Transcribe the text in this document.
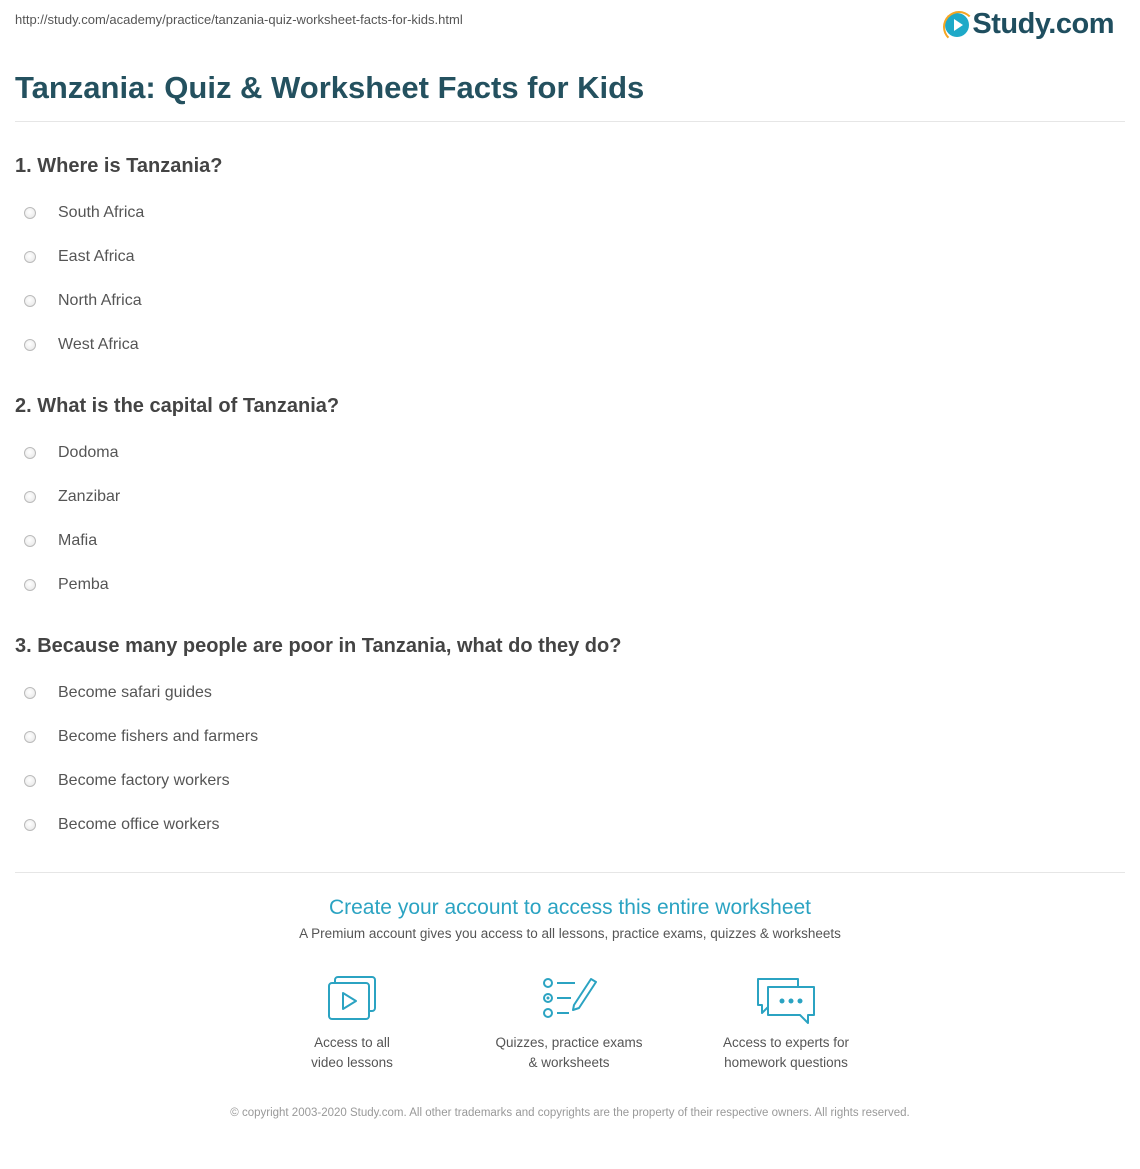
http://study.com/academy/practice/tanzania-quiz-worksheet-facts-for-kids.html	Study.com
Tanzania: Quiz & Worksheet Facts for Kids
1. Where is Tanzania?
South Africa
East Africa
North Africa
West Africa
2. What is the capital of Tanzania?
Dodoma
Zanzibar
Mafia
Pemba
3. Because many people are poor in Tanzania, what do they do?
Become safari guides
Become fishers and farmers
Become factory workers
Become office workers
Create your account to access this entire worksheet
A Premium account gives you access to all lessons, practice exams, quizzes & worksheets
Access to all
video lessons
Quizzes, practice exams
& worksheets
Access to experts for
homework questions
© copyright 2003-2020 Study.com. All other trademarks and copyrights are the property of their respective owners. All rights reserved.
